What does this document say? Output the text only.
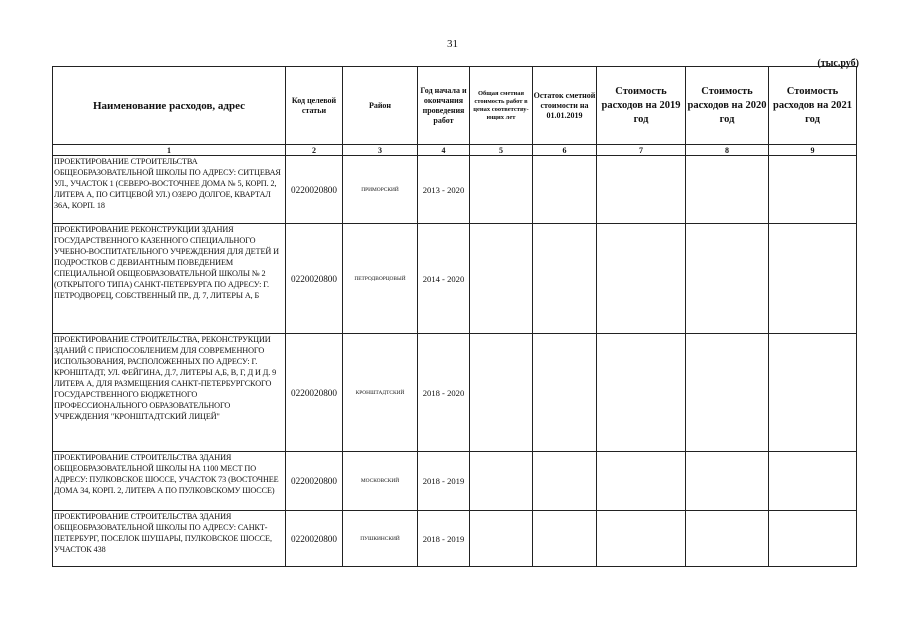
31
(тыс.руб)
Наименование расходов, адрес	Код целевой статьи	Район	Год начала и окончания проведения работ	Общая сметная стоимость работ в ценах соответству-ющих лет	Остаток сметной стоимости на 01.01.2019	Стоимость расходов на 2019 год	Стоимость расходов на 2020 год	Стоимость расходов на 2021 год
1	2	3	4	5	6	7	8	9
ПРОЕКТИРОВАНИЕ СТРОИТЕЛЬСТВА ОБЩЕОБРАЗОВАТЕЛЬНОЙ ШКОЛЫ ПО АДРЕСУ: СИТЦЕВАЯ УЛ., УЧАСТОК 1 (СЕВЕРО-ВОСТОЧНЕЕ ДОМА № 5, КОРП. 2, ЛИТЕРА А, ПО СИТЦЕВОЙ УЛ.) ОЗЕРО ДОЛГОЕ, КВАРТАЛ 36А, КОРП. 18	0220020800	ПРИМОРСКИЙ	2013 - 2020					
ПРОЕКТИРОВАНИЕ РЕКОНСТРУКЦИИ ЗДАНИЯ ГОСУДАРСТВЕННОГО КАЗЕННОГО СПЕЦИАЛЬНОГО УЧЕБНО-ВОСПИТАТЕЛЬНОГО УЧРЕЖДЕНИЯ ДЛЯ ДЕТЕЙ И ПОДРОСТКОВ С ДЕВИАНТНЫМ ПОВЕДЕНИЕМ СПЕЦИАЛЬНОЙ ОБЩЕОБРАЗОВАТЕЛЬНОЙ ШКОЛЫ № 2 (ОТКРЫТОГО ТИПА) САНКТ-ПЕТЕРБУРГА ПО АДРЕСУ: Г. ПЕТРОДВОРЕЦ, СОБСТВЕННЫЙ ПР., Д. 7, ЛИТЕРЫ А, Б	0220020800	ПЕТРОДВОРЦОВЫЙ	2014 - 2020					
ПРОЕКТИРОВАНИЕ СТРОИТЕЛЬСТВА, РЕКОНСТРУКЦИИ ЗДАНИЙ С ПРИСПОСОБЛЕНИЕМ ДЛЯ СОВРЕМЕННОГО ИСПОЛЬЗОВАНИЯ, РАСПОЛОЖЕННЫХ ПО АДРЕСУ: Г. КРОНШТАДТ, УЛ. ФЕЙГИНА, Д.7, ЛИТЕРЫ А,Б, В, Г, Д И Д. 9 ЛИТЕРА А, ДЛЯ РАЗМЕЩЕНИЯ САНКТ-ПЕТЕРБУРГСКОГО ГОСУДАРСТВЕННОГО БЮДЖЕТНОГО ПРОФЕССИОНАЛЬНОГО ОБРАЗОВАТЕЛЬНОГО УЧРЕЖДЕНИЯ "КРОНШТАДТСКИЙ ЛИЦЕЙ"	0220020800	КРОНШТАДТСКИЙ	2018 - 2020					
ПРОЕКТИРОВАНИЕ СТРОИТЕЛЬСТВА ЗДАНИЯ ОБЩЕОБРАЗОВАТЕЛЬНОЙ ШКОЛЫ НА 1100 МЕСТ ПО АДРЕСУ: ПУЛКОВСКОЕ ШОССЕ, УЧАСТОК 73 (ВОСТОЧНЕЕ ДОМА 34, КОРП. 2, ЛИТЕРА А ПО ПУЛКОВСКОМУ ШОССЕ)	0220020800	МОСКОВСКИЙ	2018 - 2019					
ПРОЕКТИРОВАНИЕ СТРОИТЕЛЬСТВА ЗДАНИЯ ОБЩЕОБРАЗОВАТЕЛЬНОЙ ШКОЛЫ ПО АДРЕСУ: САНКТ-ПЕТЕРБУРГ, ПОСЕЛОК ШУШАРЫ, ПУЛКОВСКОЕ ШОССЕ, УЧАСТОК 438	0220020800	ПУШКИНСКИЙ	2018 - 2019					
